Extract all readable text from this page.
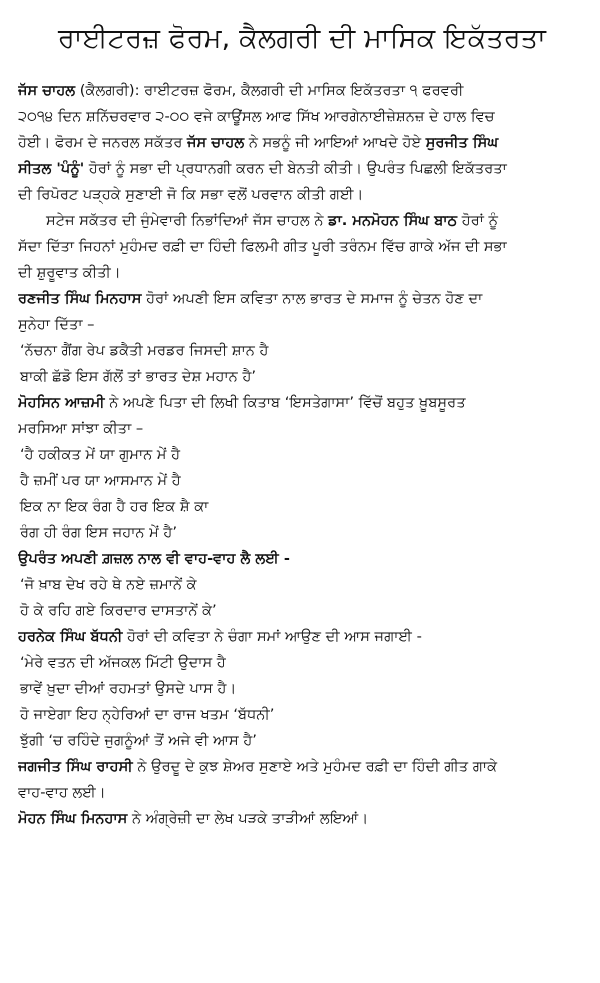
ਰਾਈਟਰਜ਼ ਫੋਰਮ, ਕੈਲਗਰੀ ਦੀ ਮਾਸਿਕ ਇਕੱਤਰਤਾ
ਜੱਸ ਚਾਹਲ (ਕੈਲਗਰੀ): ਰਾਈਟਰਜ਼ ਫੋਰਮ, ਕੈਲਗਰੀ ਦੀ ਮਾਸਿਕ ਇਕੱਤਰਤਾ ੧ ਫਰਵਰੀ
੨੦੧੪ ਦਿਨ ਸ਼ਨਿੱਚਰਵਾਰ ੨-੦੦ ਵਜੇ ਕਾਊਂਸਲ ਆਫ ਸਿੱਖ ਆਰਗੇਨਾਈਜ਼ੇਸ਼ਨਜ਼ ਦੇ ਹਾਲ ਵਿਚ
ਹੋਈ। ਫੋਰਮ ਦੇ ਜਨਰਲ ਸਕੱਤਰ ਜੱਸ ਚਾਹਲ ਨੇ ਸਭਨੂੰ ਜੀ ਆਇਆਂ ਆਖਦੇ ਹੋਏ ਸੁਰਜੀਤ ਸਿੰਘ
ਸੀਤਲ 'ਪੰਨੂੰ' ਹੋਰਾਂ ਨੂੰ ਸਭਾ ਦੀ ਪ੍ਰਧਾਨਗੀ ਕਰਨ ਦੀ ਬੇਨਤੀ ਕੀਤੀ। ਉਪਰੰਤ ਪਿਛਲੀ ਇਕੱਤਰਤਾ
ਦੀ ਰਿਪੋਰਟ ਪੜ੍ਹਕੇ ਸੁਣਾਈ ਜੋ ਕਿ ਸਭਾ ਵਲੋਂ ਪਰਵਾਨ ਕੀਤੀ ਗਈ।
ਸਟੇਜ ਸਕੱਤਰ ਦੀ ਜੁੰਮੇਵਾਰੀ ਨਿਭਾਂਦਿਆਂ ਜੱਸ ਚਾਹਲ ਨੇ ਡਾ. ਮਨਮੋਹਨ ਸਿੰਘ ਬਾਠ ਹੋਰਾਂ ਨੂੰ
ਸੱਦਾ ਦਿੱਤਾ ਜਿਹਨਾਂ ਮੁਹੰਮਦ ਰਫ਼ੀ ਦਾ ਹਿੰਦੀ ਫਿਲਮੀ ਗੀਤ ਪੂਰੀ ਤਰੰਨਮ ਵਿੱਚ ਗਾਕੇ ਅੱਜ ਦੀ ਸਭਾ
ਦੀ ਸ਼ੁਰੂਵਾਤ ਕੀਤੀ।
ਰਣਜੀਤ ਸਿੰਘ ਮਿਨਹਾਸ ਹੋਰਾਂ ਅਪਣੀ ਇਸ ਕਵਿਤਾ ਨਾਲ ਭਾਰਤ ਦੇ ਸਮਾਜ ਨੂੰ ਚੇਤਨ ਹੋਣ ਦਾ
ਸੁਨੇਹਾ ਦਿੱਤਾ –
‘ਨੱਚਨਾ ਗੈਂਗ ਰੇਪ ਡਕੈਤੀ ਮਰਡਰ ਜਿਸਦੀ ਸ਼ਾਨ ਹੈ
ਬਾਕੀ ਛੱਡੋ ਇਸ ਗੱਲੋਂ ਤਾਂ ਭਾਰਤ ਦੇਸ਼ ਮਹਾਨ ਹੈ’
ਮੋਹਸਿਨ ਆਜ਼ਮੀ ਨੇ ਅਪਣੇ ਪਿਤਾ ਦੀ ਲਿਖੀ ਕਿਤਾਬ ‘ਇਸਤੇਗਾਸਾ’ ਵਿੱਚੋਂ ਬਹੁਤ ਖ਼ੂਬਸੂਰਤ
ਮਰਸਿਆ ਸਾਂਝਾ ਕੀਤਾ –
‘ਹੈ ਹਕੀਕਤ ਮੇਂ ਯਾ ਗੁਮਾਨ ਮੇਂ ਹੈ
ਹੈ ਜ਼ਮੀਂ ਪਰ ਯਾ ਆਸਮਾਨ ਮੇਂ ਹੈ
ਇਕ ਨਾ ਇਕ ਰੰਗ ਹੈ ਹਰ ਇਕ ਸ਼ੈ ਕਾ
ਰੰਗ ਹੀ ਰੰਗ ਇਸ ਜਹਾਨ ਮੇਂ ਹੈ’
ਉਪਰੰਤ ਅਪਣੀ ਗ਼ਜ਼ਲ ਨਾਲ ਵੀ ਵਾਹ-ਵਾਹ ਲੈ ਲਈ -
‘ਜੋ ਖ਼ਾਬ ਦੇਖ ਰਹੇ ਥੇ ਨਏ ਜ਼ਮਾਨੇਂ ਕੇ
ਹੋ ਕੇ ਰਹਿ ਗਏ ਕਿਰਦਾਰ ਦਾਸਤਾਨੇਂ ਕੇ’
ਹਰਨੇਕ ਸਿੰਘ ਬੱਧਨੀ ਹੋਰਾਂ ਦੀ ਕਵਿਤਾ ਨੇ ਚੰਗਾ ਸਮਾਂ ਆਉਣ ਦੀ ਆਸ ਜਗਾਈ -
‘ਮੇਰੇ ਵਤਨ ਦੀ ਅੱਜਕਲ ਮਿੱਟੀ ਉਦਾਸ ਹੈ
ਭਾਵੇਂ ਖ਼ੁਦਾ ਦੀਆਂ ਰਹਮਤਾਂ ਉਸਦੇ ਪਾਸ ਹੈ।
ਹੋ ਜਾਏਗਾ ਇਹ ਨ੍ਹੇਰਿਆਂ ਦਾ ਰਾਜ ਖਤਮ ‘ਬੱਧਨੀ’
ਝੁੱਗੀ ‘ਚ ਰਹਿੰਦੇ ਜੁਗਨੂੰਆਂ ਤੋਂ ਅਜੇ ਵੀ ਆਸ ਹੈ’
ਜਗਜੀਤ ਸਿੰਘ ਰਾਹਸੀ ਨੇ ਉਰਦੂ ਦੇ ਕੁਝ ਸ਼ੇਅਰ ਸੁਣਾਏ ਅਤੇ ਮੁਹੰਮਦ ਰਫ਼ੀ ਦਾ ਹਿੰਦੀ ਗੀਤ ਗਾਕੇ
ਵਾਹ-ਵਾਹ ਲਈ।
ਮੋਹਨ ਸਿੰਘ ਮਿਨਹਾਸ ਨੇ ਅੰਗ੍ਰੇਜ਼ੀ ਦਾ ਲੇਖ ਪੜਕੇ ਤਾੜੀਆਂ ਲਇਆਂ।
